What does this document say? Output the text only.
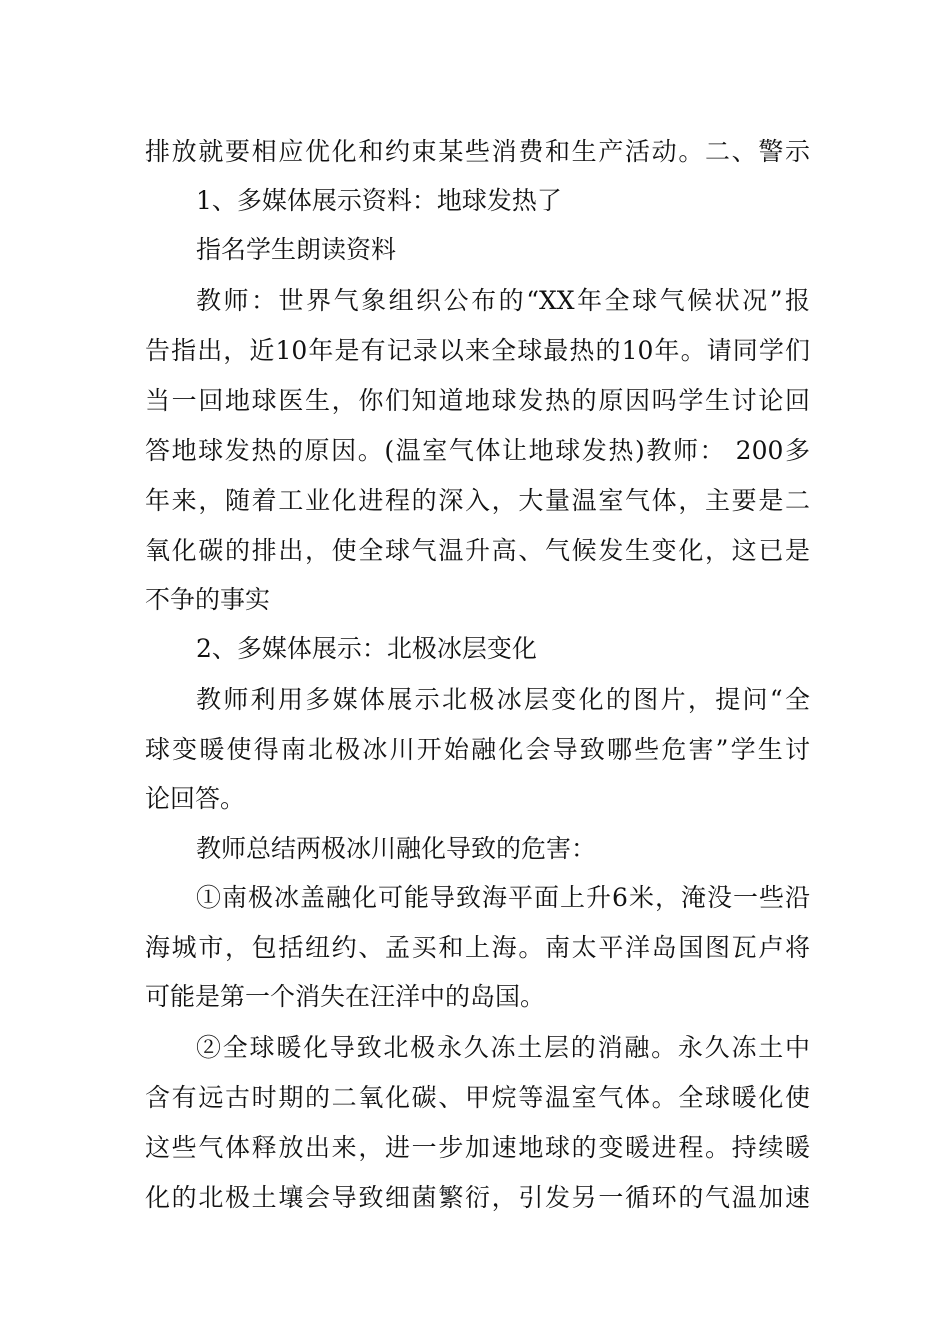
排放就要相应优化和约束某些消费和生产活动。二、警示
1、多媒体展示资料：地球发热了
指名学生朗读资料
教师：世界气象组织公布的“XX年全球气候状况”报
告指出，近10年是有记录以来全球最热的10年。请同学们
当一回地球医生，你们知道地球发热的原因吗学生讨论回
答地球发热的原因。(温室气体让地球发热)教师： 200多
年来，随着工业化进程的深入，大量温室气体，主要是二
氧化碳的排出，使全球气温升高、气候发生变化，这已是
不争的事实
2、多媒体展示：北极冰层变化
教师利用多媒体展示北极冰层变化的图片，提问“全
球变暖使得南北极冰川开始融化会导致哪些危害”学生讨
论回答。
教师总结两极冰川融化导致的危害：
①南极冰盖融化可能导致海平面上升6米，淹没一些沿
海城市，包括纽约、孟买和上海。南太平洋岛国图瓦卢将
可能是第一个消失在汪洋中的岛国。
②全球暖化导致北极永久冻土层的消融。永久冻土中
含有远古时期的二氧化碳、甲烷等温室气体。全球暖化使
这些气体释放出来，进一步加速地球的变暖进程。持续暖
化的北极土壤会导致细菌繁衍，引发另一循环的气温加速
